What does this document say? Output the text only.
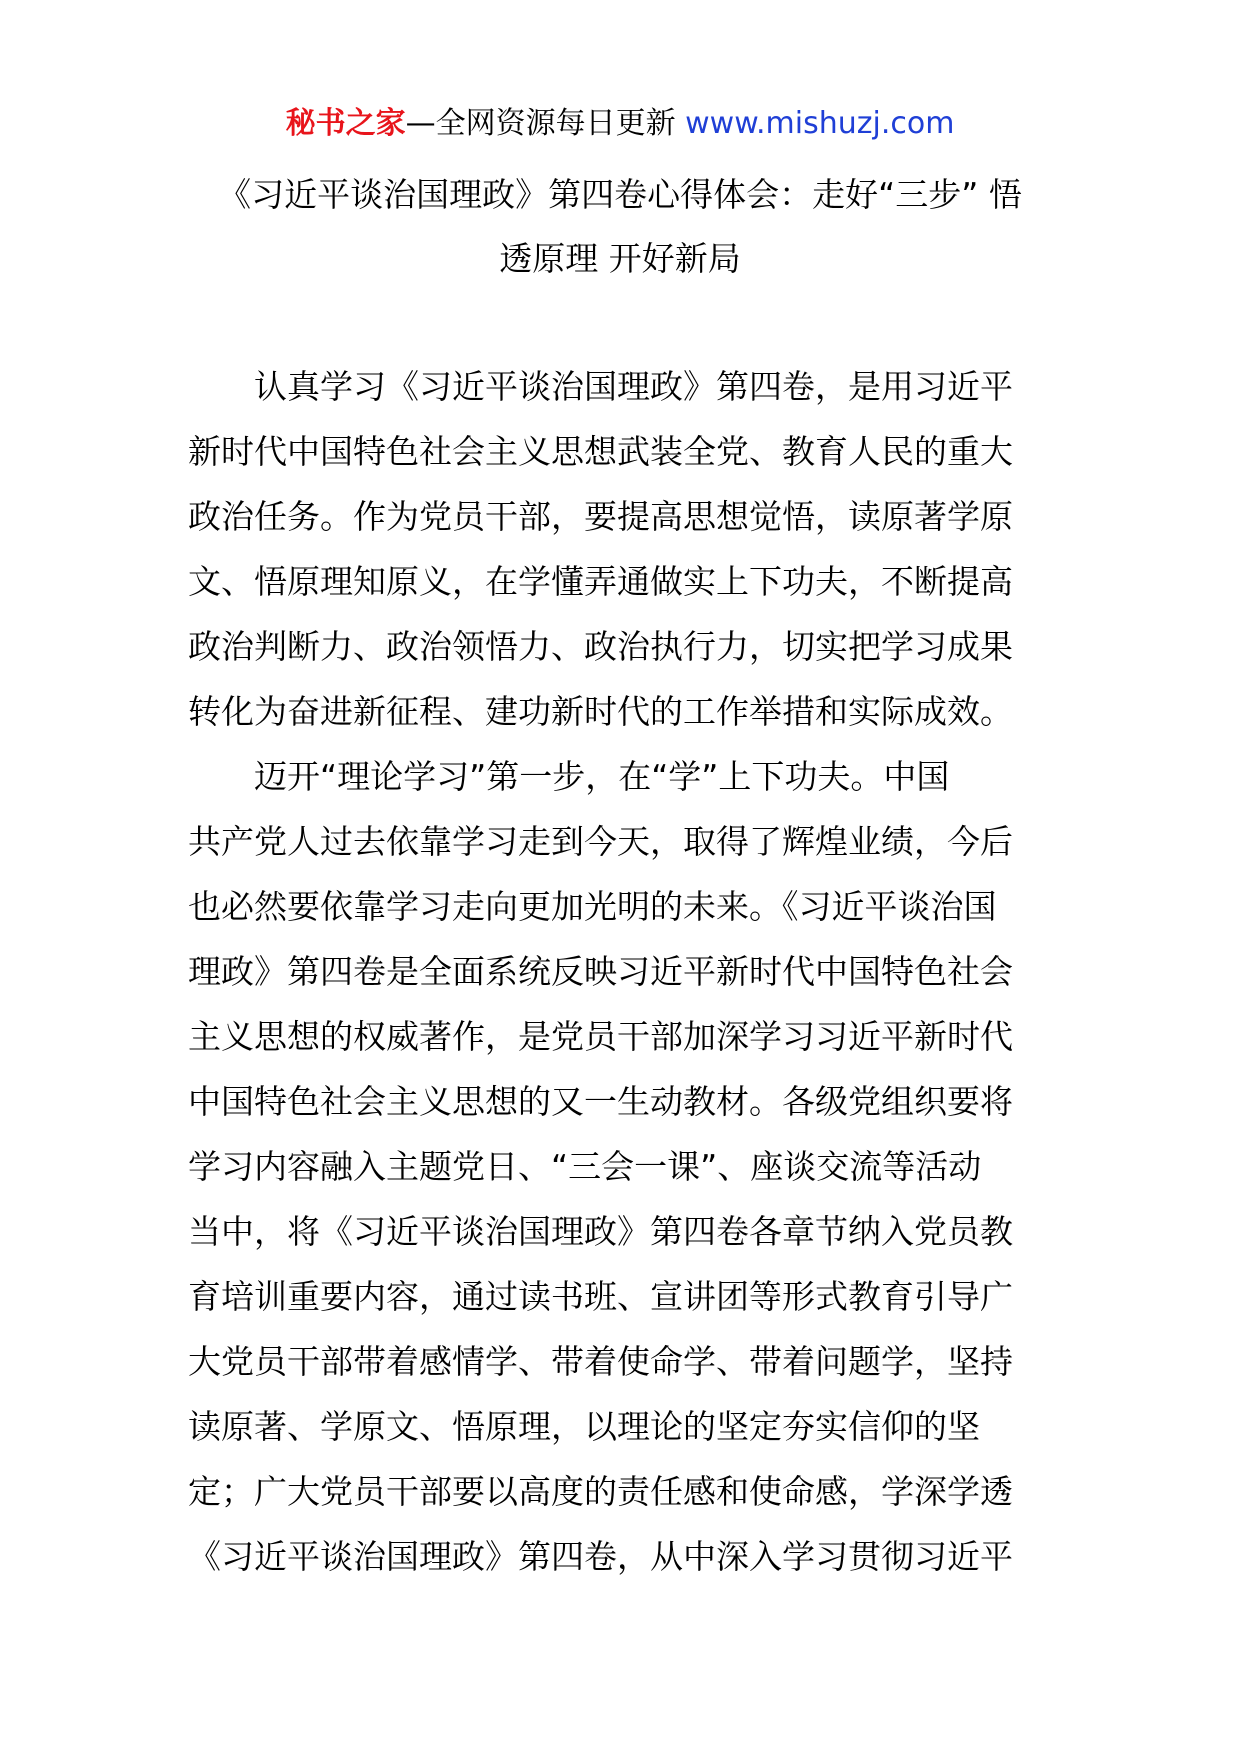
秘书之家—全网资源每日更新 www.mishuzj.com
《习近平谈治国理政》第四卷心得体会：走好“三步” 悟
透原理 开好新局
认真学习《习近平谈治国理政》第四卷，是用习近平
新时代中国特色社会主义思想武装全党、教育人民的重大
政治任务。作为党员干部，要提高思想觉悟，读原著学原
文、悟原理知原义，在学懂弄通做实上下功夫，不断提高
政治判断力、政治领悟力、政治执行力，切实把学习成果
转化为奋进新征程、建功新时代的工作举措和实际成效。
迈开“理论学习”第一步，在“学”上下功夫。中国
共产党人过去依靠学习走到今天，取得了辉煌业绩，今后
也必然要依靠学习走向更加光明的未来。《习近平谈治国
理政》第四卷是全面系统反映习近平新时代中国特色社会
主义思想的权威著作，是党员干部加深学习习近平新时代
中国特色社会主义思想的又一生动教材。各级党组织要将
学习内容融入主题党日、“三会一课”、座谈交流等活动
当中，将《习近平谈治国理政》第四卷各章节纳入党员教
育培训重要内容，通过读书班、宣讲团等形式教育引导广
大党员干部带着感情学、带着使命学、带着问题学，坚持
读原著、学原文、悟原理，以理论的坚定夯实信仰的坚
定；广大党员干部要以高度的责任感和使命感，学深学透
《习近平谈治国理政》第四卷，从中深入学习贯彻习近平
